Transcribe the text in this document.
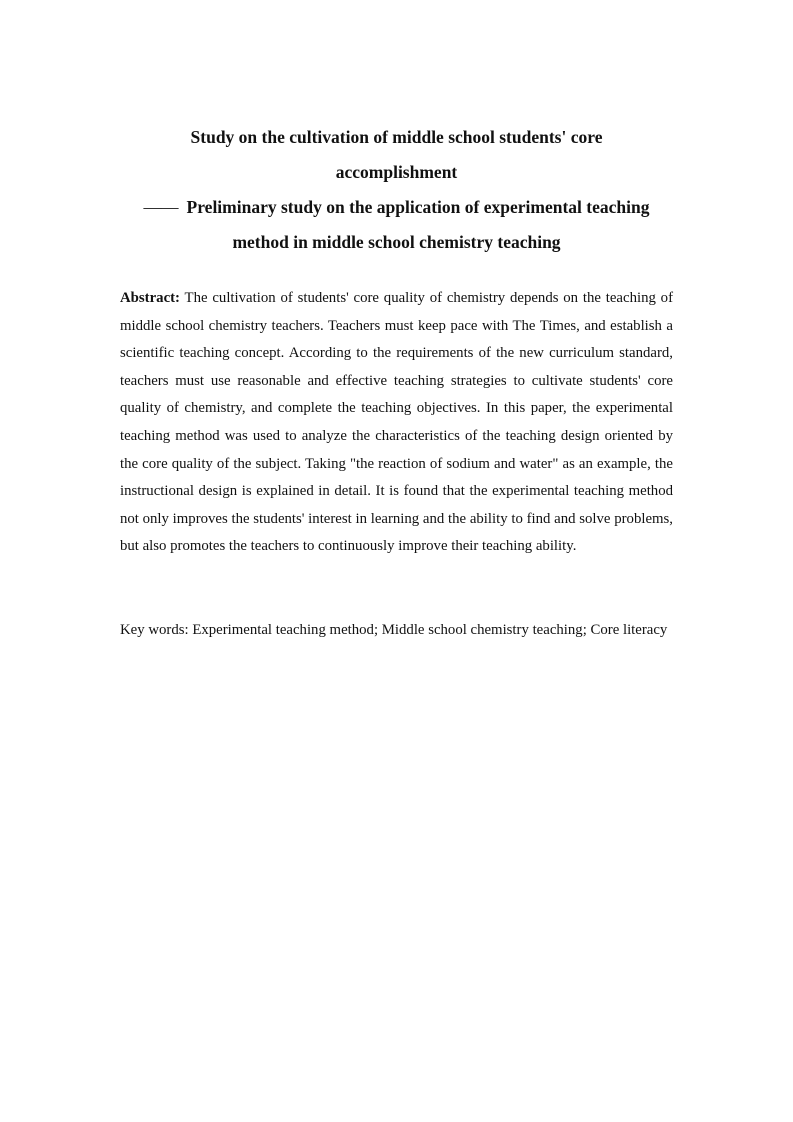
Study on the cultivation of middle school students' core
accomplishment
—— Preliminary study on the application of experimental teaching
method in middle school chemistry teaching
Abstract: The cultivation of students' core quality of chemistry depends on the teaching of middle school chemistry teachers. Teachers must keep pace with The Times, and establish a scientific teaching concept. According to the requirements of the new curriculum standard, teachers must use reasonable and effective teaching strategies to cultivate students' core quality of chemistry, and complete the teaching objectives. In this paper, the experimental teaching method was used to analyze the characteristics of the teaching design oriented by the core quality of the subject. Taking "the reaction of sodium and water" as an example, the instructional design is explained in detail. It is found that the experimental teaching method not only improves the students' interest in learning and the ability to find and solve problems, but also promotes the teachers to continuously improve their teaching ability.
Key words: Experimental teaching method; Middle school chemistry teaching; Core literacy
